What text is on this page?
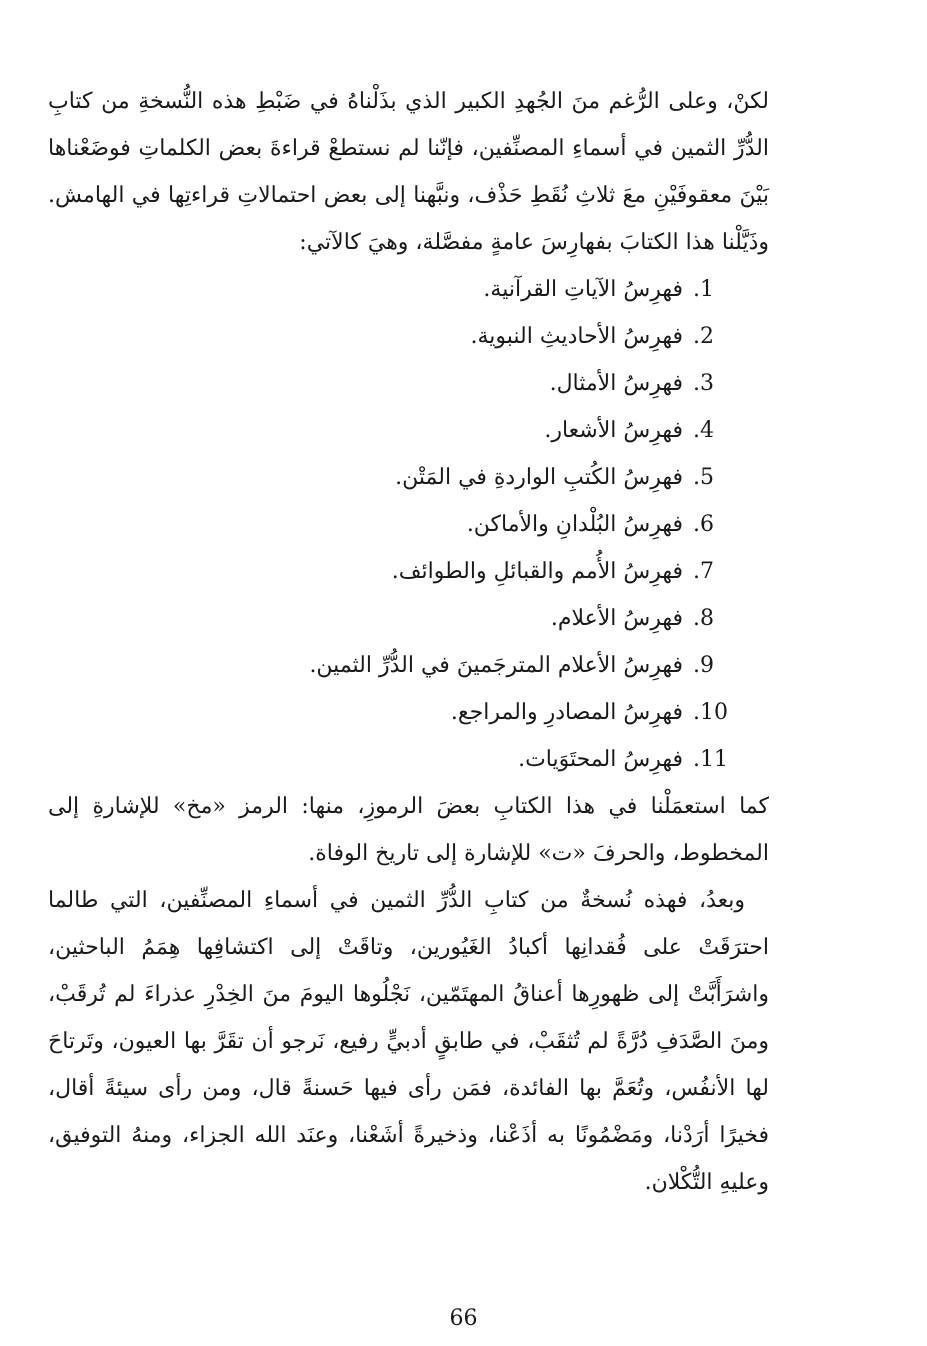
لكنْ، وعلى الرُّغم منَ الجُهدِ الكبير الذي بذَلْناهُ في ضَبْطِ هذه النُّسخةِ من كتابِ الدُّرِّ الثمين في أسماءِ المصنِّفين، فإنّنا لم نستطعْ قراءةَ بعض الكلماتِ فوضَعْناها بَيْنَ معقوفَيْنِ معَ ثلاثِ نُقَطِ حَذْف، ونبَّهنا إلى بعض احتمالاتِ قراءتِها في الهامش. وذَيَّلْنا هذا الكتابَ بفهارِسَ عامةٍ مفصَّلة، وهيَ كالآتي:

1.فهرِسُ الآياتِ القرآنية.
2.فهرِسُ الأحاديثِ النبوية.
3.فهرِسُ الأمثال.
4.فهرِسُ الأشعار.
5.فهرِسُ الكُتبِ الواردةِ في المَتْن.
6.فهرِسُ البُلْدانِ والأماكن.
7.فهرِسُ الأُمم والقبائلِ والطوائف.
8.فهرِسُ الأعلام.
9.فهرِسُ الأعلام المترجَمينَ في الدُّرِّ الثمين.
10.فهرِسُ المصادرِ والمراجع.
11.فهرِسُ المحتَوَيات.

كما استعمَلْنا في هذا الكتابِ بعضَ الرموزِ، منها: الرمز «مخ» للإشارةِ إلى المخطوط، والحرفَ «ت» للإشارة إلى تاريخ الوفاة.

وبعدُ، فهذه نُسخةٌ من كتابِ الدُّرِّ الثمين في أسماءِ المصنِّفين، التي طالما احترَقَتْ على فُقدانِها أكبادُ الغَيُورين، وتاقَتْ إلى اكتشافِها هِمَمُ الباحثين، واشرَأَبَّتْ إلى ظهورِها أعناقُ المهتَمّين، نَجْلُوها اليومَ منَ الخِدْرِ عذراءَ لم تُرقَبْ، ومنَ الصَّدَفِ دُرَّةً لم تُثقَبْ، في طابقٍ أدبيٍّ رفيع، نَرجو أن تقَرَّ بها العيون، وتَرتاحَ لها الأنفُس، وتُعَمَّ بها الفائدة، فمَن رأى فيها حَسنةً قال، ومن رأى سيئةً أقال، فخيرًا أرَدْنا، ومَضْمُونًا به أذَعْنا، وذخيرةً أشَعْنا، وعنَد الله الجزاء، ومنهُ التوفيق، وعليهِ التُّكْلان.

66
